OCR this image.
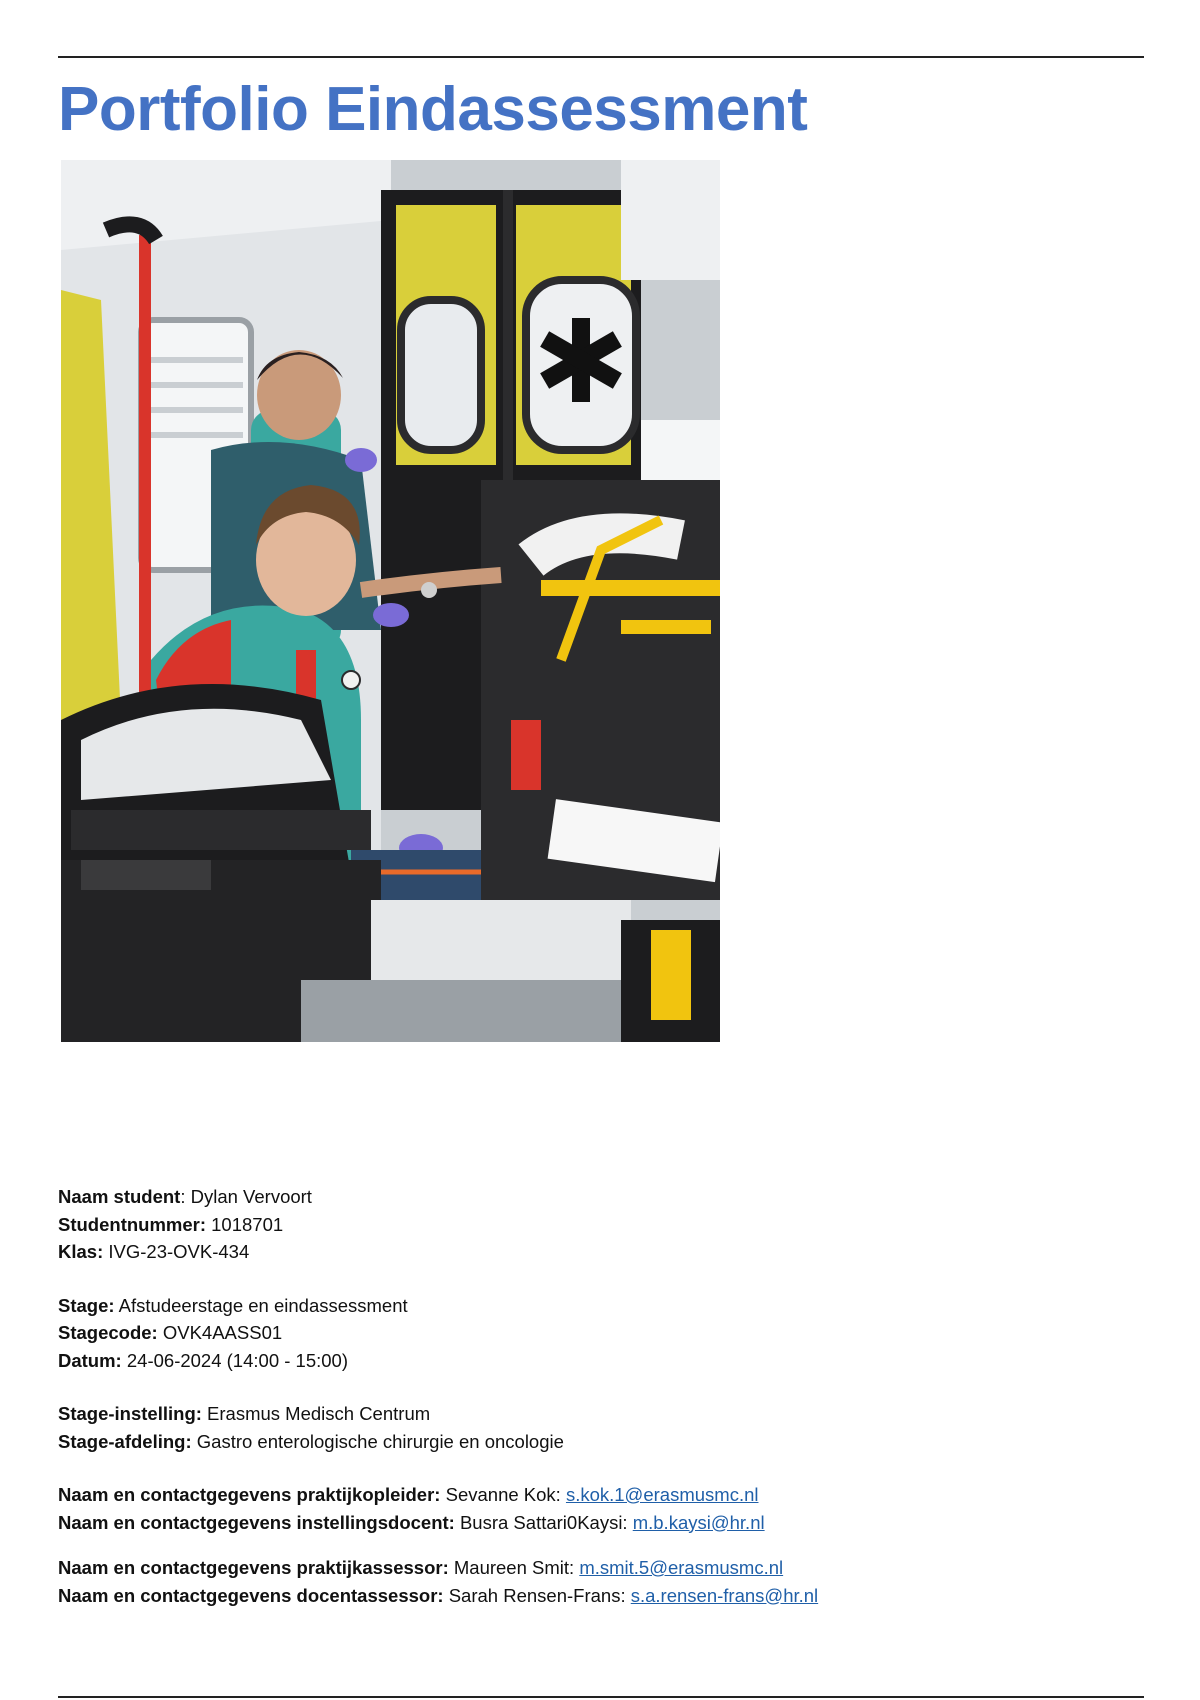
Portfolio Eindassessment
Naam student: Dylan Vervoort
Studentnummer: 1018701
Klas: IVG-23-OVK-434
Stage: Afstudeerstage en eindassessment
Stagecode: OVK4AASS01
Datum: 24-06-2024 (14:00 - 15:00)
Stage-instelling: Erasmus Medisch Centrum
Stage-afdeling: Gastro enterologische chirurgie en oncologie
Naam en contactgegevens praktijkopleider: Sevanne Kok: s.kok.1@erasmusmc.nl
Naam en contactgegevens instellingsdocent: Busra Sattari0Kaysi: m.b.kaysi@hr.nl
Naam en contactgegevens praktijkassessor: Maureen Smit: m.smit.5@erasmusmc.nl
Naam en contactgegevens docentassessor: Sarah Rensen-Frans: s.a.rensen-frans@hr.nl
